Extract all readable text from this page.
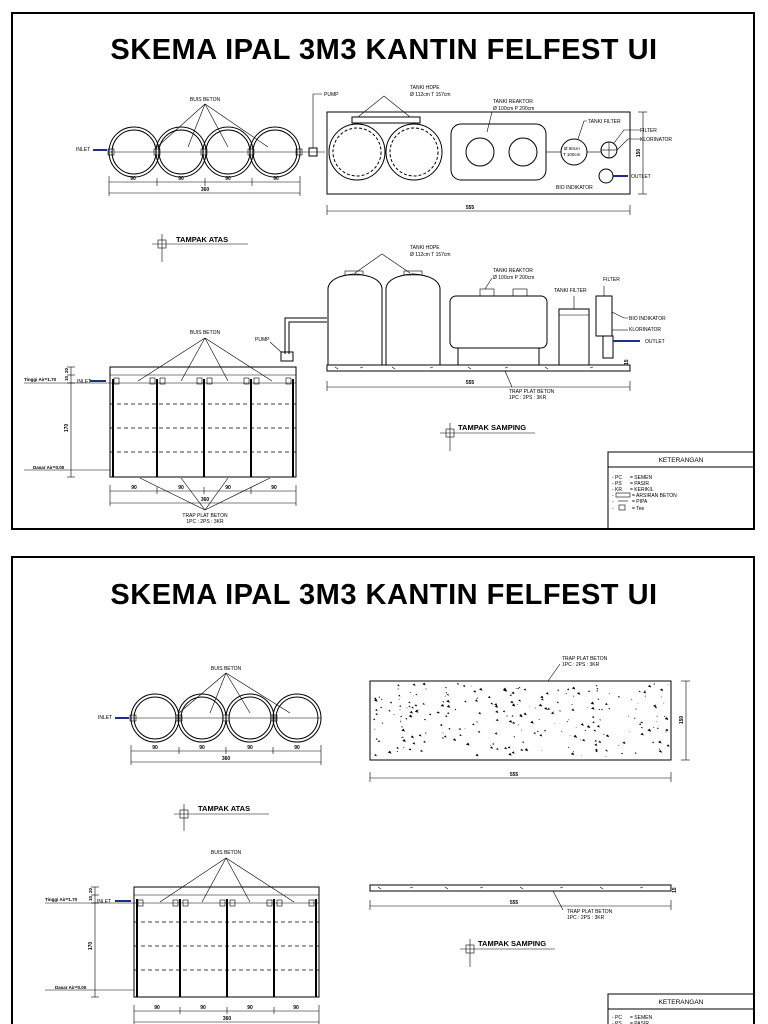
SKEMA IPAL 3M3 KANTIN FELFEST UI
BUIS BETON
INLET
90	90	90	90
360
PUMP
TANKI HDPE
Ø 112cm T 157cm
TANKI REAKTOR
Ø 100cm P 200cm
Ø 60cm
T 100cm
TANKI FILTER
FILTER
KLORINATOR
OUTLET
BIO INDIKATOR
555
150
TAMPAK ATAS
TANKI HDPE
Ø 112cm T 157cm
TANKI REAKTOR
Ø 100cm P 200cm
TANKI FILTER
FILTER
BIO INDIKATOR
KLORINATOR
OUTLET
555
TRAP PLAT BETON
1PC : 2PS : 3KR
15
PUMP
BUIS BETON
Tinggi Air=1.70	INLET
Dasar Air=0.00
20
10
170
90	90	90	90
360
TRAP PLAT BETON
1PC : 2PS : 3KR
TAMPAK SAMPING
KETERANGAN
- PC = SEMEN
- PS = PASIR
- KR = KERIKIL
-	= ARSIRAN BETON
-	= PIPA
-	= Tee
SKEMA IPAL 3M3 KANTIN FELFEST UI
BUIS BETON
INLET
90	90	90	90
360
TRAP PLAT BETON
1PC : 2PS : 3KR
555
150
TAMPAK ATAS
BUIS BETON
Tinggi Air=1.70	INLET
Dasar Air=0.00
20
10
170
90	90	90	90
360
555
15
TRAP PLAT BETON
1PC : 2PS : 3KR
TAMPAK SAMPING
KETERANGAN
- PC = SEMEN
- PS = PASIR
